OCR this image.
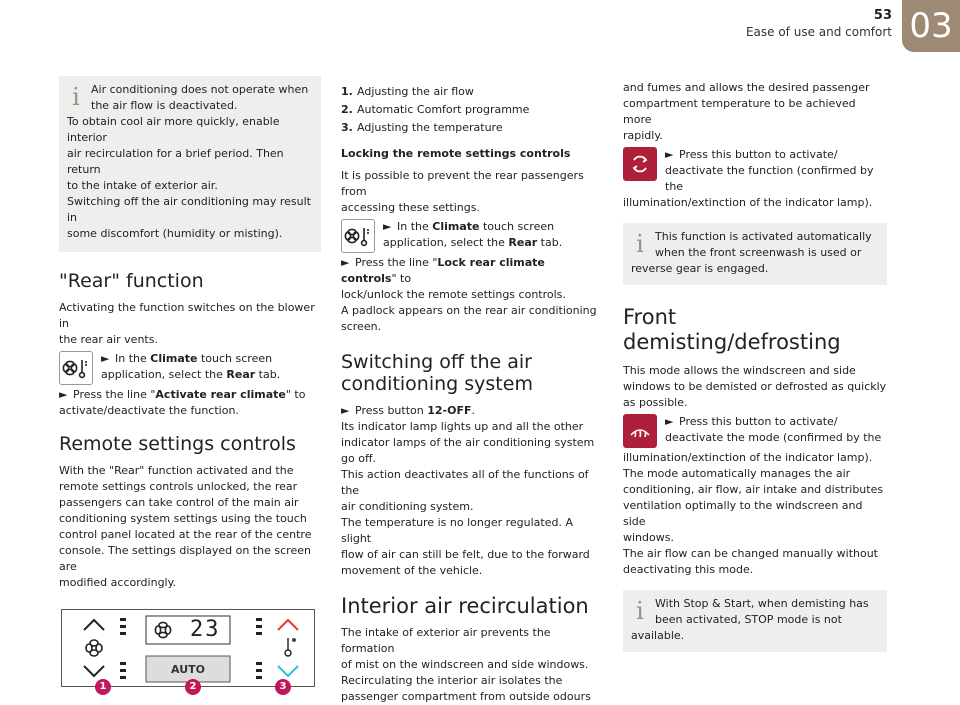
53
Ease of use and comfort 03
i	Air conditioning does not operate when

the air flow is deactivated.

To obtain cool air more quickly, enable interior

air recirculation for a brief period. Then return

to the intake of exterior air.

Switching off the air conditioning may result in

some discomfort (humidity or misting).

"Rear" function

Activating the function switches on the blower in

the rear air vents.

► In the Climate touch screen

application, select the Rear tab.

► Press the line "Activate rear climate" to

activate/deactivate the function.

Remote settings controls

With the "Rear" function activated and the

remote settings controls unlocked, the rear

passengers can take control of the main air

conditioning system settings using the touch

control panel located at the rear of the centre

console. The settings displayed on the screen are

modified accordingly.

23
AUTO
1	2	3
1. Adjusting the air flow
2. Automatic Comfort programme
3. Adjusting the temperature
Locking the remote settings controls

It is possible to prevent the rear passengers from

accessing these settings.

► In the Climate touch screen

application, select the Rear tab.

► Press the line "Lock rear climate controls" to

lock/unlock the remote settings controls.

A padlock appears on the rear air conditioning

screen.

Switching off the air
conditioning system

► Press button 12-OFF.

Its indicator lamp lights up and all the other

indicator lamps of the air conditioning system

go off.

This action deactivates all of the functions of the

air conditioning system.

The temperature is no longer regulated. A slight

flow of air can still be felt, due to the forward

movement of the vehicle.

Interior air recirculation

The intake of exterior air prevents the formation

of mist on the windscreen and side windows.

Recirculating the interior air isolates the

passenger compartment from outside odours

and fumes and allows the desired passenger

compartment temperature to be achieved more

rapidly.

► Press this button to activate/

deactivate the function (confirmed by the

illumination/extinction of the indicator lamp).

i	This function is activated automatically

when the front screenwash is used or

reverse gear is engaged.

Front
demisting/defrosting

This mode allows the windscreen and side

windows to be demisted or defrosted as quickly

as possible.

► Press this button to activate/

deactivate the mode (confirmed by the

illumination/extinction of the indicator lamp).

The mode automatically manages the air

conditioning, air flow, air intake and distributes

ventilation optimally to the windscreen and side

windows.

The air flow can be changed manually without

deactivating this mode.

i	With Stop & Start, when demisting has

been activated, STOP mode is not

available.
